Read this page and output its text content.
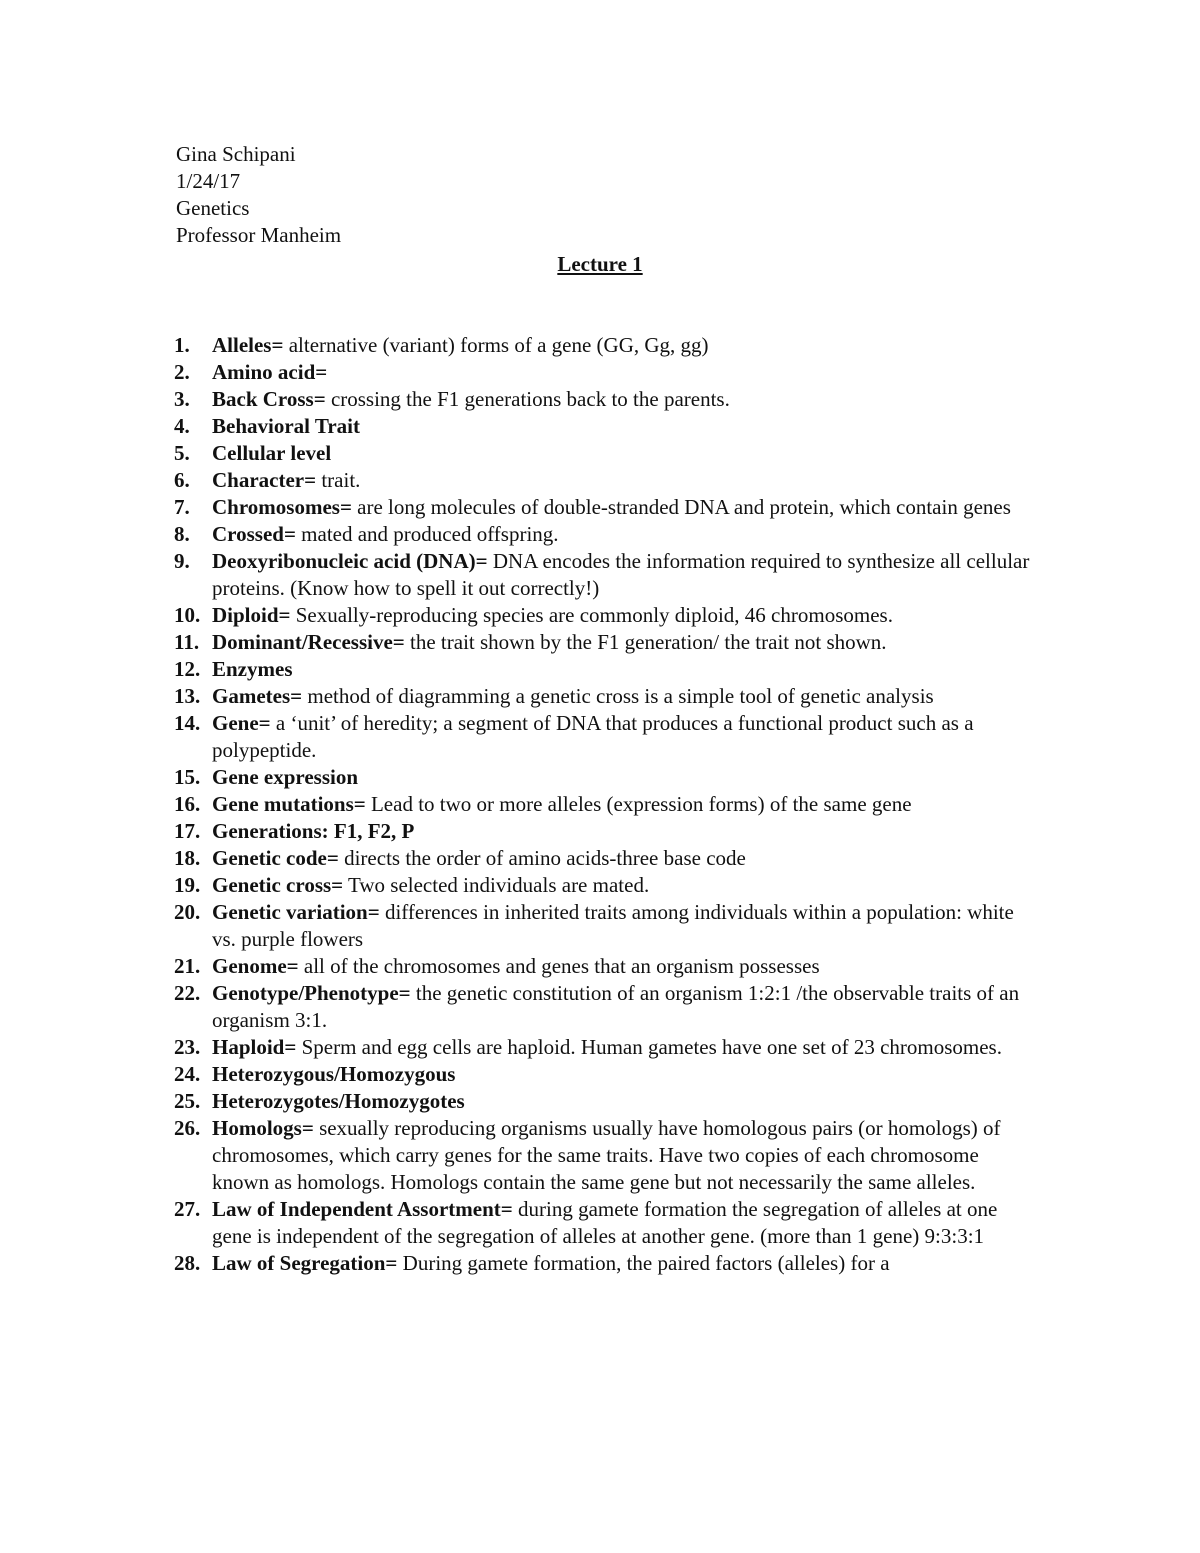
Gina Schipani
1/24/17
Genetics
Professor Manheim
Lecture 1
1. Alleles= alternative (variant) forms of a gene (GG, Gg, gg)
2. Amino acid=
3. Back Cross= crossing the F1 generations back to the parents.
4. Behavioral Trait
5. Cellular level
6. Character= trait.
7. Chromosomes= are long molecules of double-stranded DNA and protein, which contain genes
8. Crossed= mated and produced offspring.
9. Deoxyribonucleic acid (DNA)= DNA encodes the information required to synthesize all cellular proteins. (Know how to spell it out correctly!)
10. Diploid= Sexually-reproducing species are commonly diploid, 46 chromosomes.
11. Dominant/Recessive= the trait shown by the F1 generation/ the trait not shown.
12. Enzymes
13. Gametes= method of diagramming a genetic cross is a simple tool of genetic analysis
14. Gene= a ‘unit’ of heredity; a segment of DNA that produces a functional product such as a polypeptide.
15. Gene expression
16. Gene mutations= Lead to two or more alleles (expression forms) of the same gene
17. Generations: F1, F2, P
18. Genetic code= directs the order of amino acids-three base code
19. Genetic cross= Two selected individuals are mated.
20. Genetic variation= differences in inherited traits among individuals within a population: white vs. purple flowers
21. Genome= all of the chromosomes and genes that an organism possesses
22. Genotype/Phenotype= the genetic constitution of an organism 1:2:1 /the observable traits of an organism 3:1.
23. Haploid= Sperm and egg cells are haploid. Human gametes have one set of 23 chromosomes.
24. Heterozygous/Homozygous
25. Heterozygotes/Homozygotes
26. Homologs= sexually reproducing organisms usually have homologous pairs (or homologs) of chromosomes, which carry genes for the same traits. Have two copies of each chromosome known as homologs. Homologs contain the same gene but not necessarily the same alleles.
27. Law of Independent Assortment= during gamete formation the segregation of alleles at one gene is independent of the segregation of alleles at another gene. (more than 1 gene) 9:3:3:1
28. Law of Segregation= During gamete formation, the paired factors (alleles) for a
